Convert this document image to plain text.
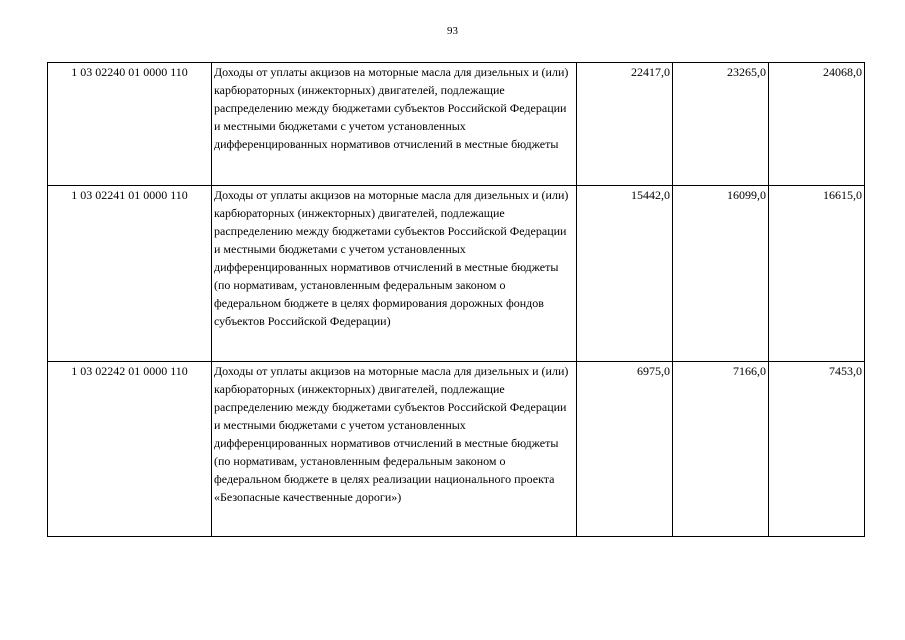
93
1 03 02240 01 0000 110	Доходы от уплаты акцизов на моторные масла для дизельных и (или) карбюраторных (инжекторных) двигателей, подлежащие распределению между бюджетами субъектов Российской Федерации и местными бюджетами с учетом установленных дифференцированных нормативов отчислений в местные бюджеты	22417,0	23265,0	24068,0
1 03 02241 01 0000 110	Доходы от уплаты акцизов на моторные масла для дизельных и (или) карбюраторных (инжекторных) двигателей, подлежащие распределению между бюджетами субъектов Российской Федерации и местными бюджетами с учетом установленных дифференцированных нормативов отчислений в местные бюджеты (по нормативам, установленным федеральным законом о федеральном бюджете в целях формирования дорожных фондов субъектов Российской Федерации)	15442,0	16099,0	16615,0
1 03 02242 01 0000 110	Доходы от уплаты акцизов на моторные масла для дизельных и (или) карбюраторных (инжекторных) двигателей, подлежащие распределению между бюджетами субъектов Российской Федерации и местными бюджетами с учетом установленных дифференцированных нормативов отчислений в местные бюджеты (по нормативам, установленным федеральным законом о федеральном бюджете в целях реализации национального проекта «Безопасные качественные дороги»)	6975,0	7166,0	7453,0
